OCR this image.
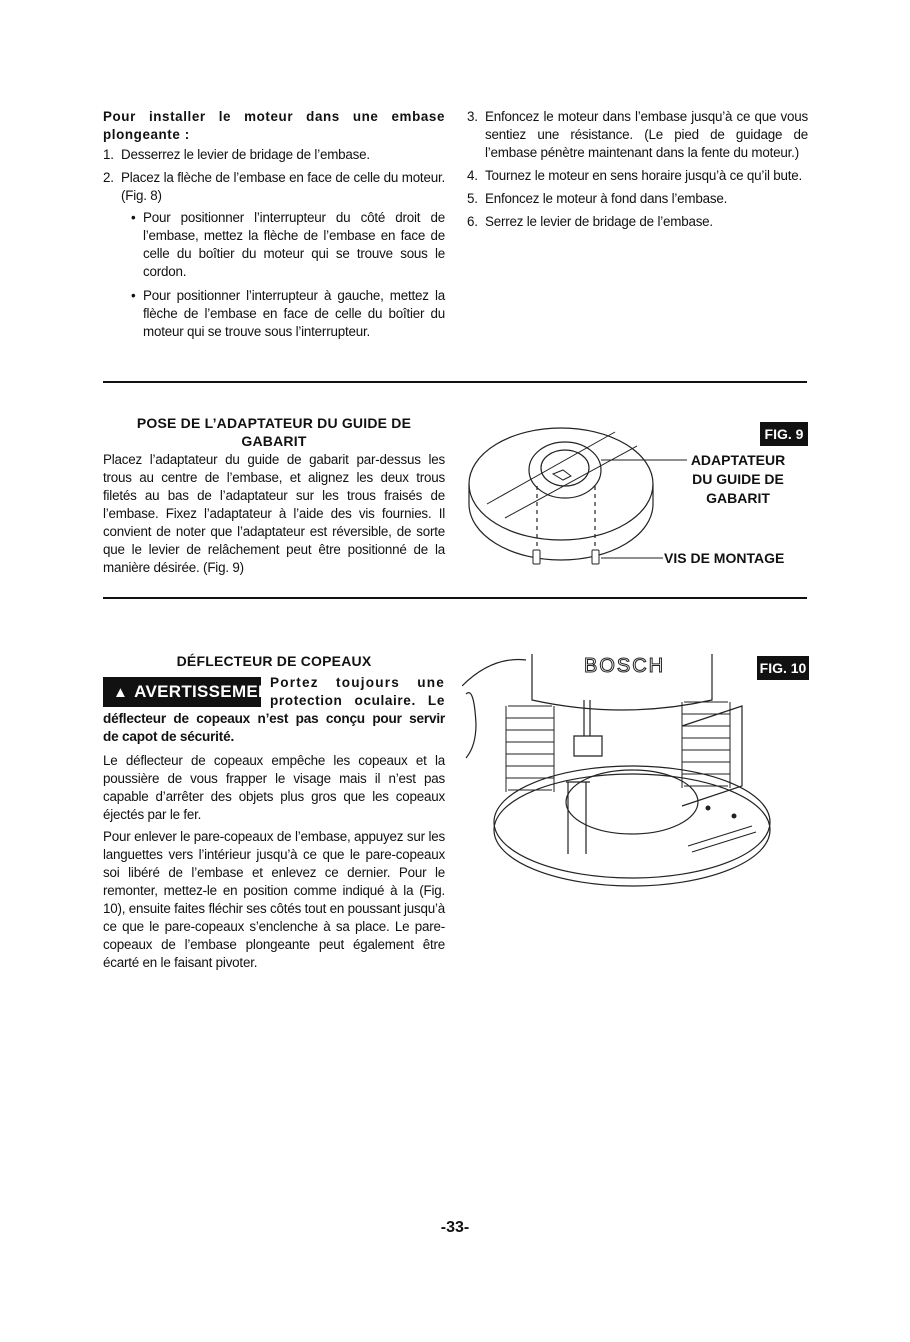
Pour installer le moteur dans une embase plongeante :
1. Desserrez le levier de bridage de l’embase.
2. Placez la flèche de l’embase en face de celle du moteur. (Fig. 8)
• Pour positionner l’interrupteur du côté droit de l’embase, mettez la flèche de l’embase en face de celle du boîtier du moteur qui se trouve sous le cordon.
• Pour positionner l’interrupteur à gauche, mettez la flèche de l’embase en face de celle du boîtier du moteur qui se trouve sous l’interrupteur.
3. Enfoncez le moteur dans l’embase jusqu’à ce que vous sentiez une résistance. (Le pied de guidage de l’embase pénètre maintenant dans la fente du moteur.)
4. Tournez le moteur en sens horaire jusqu’à ce qu’il bute.
5. Enfoncez le moteur à fond dans l’embase.
6. Serrez le levier de bridage de l’embase.
POSE DE L’ADAPTATEUR DU GUIDE DE GABARIT
Placez l’adaptateur du guide de gabarit par-dessus les trous au centre de l’embase, et alignez les deux trous filetés au bas de l’adaptateur sur les trous fraisés de l’embase. Fixez l’adaptateur à l’aide des vis fournies. Il convient de noter que l’adaptateur est réversible, de sorte que le levier de relâchement peut être positionné de la manière désirée. (Fig. 9)
FIG. 9
ADAPTATEUR
DU GUIDE DE
GABARIT
VIS DE MONTAGE
DÉFLECTEUR DE COPEAUX
▲ AVERTISSEMENT
Portez toujours une
protection oculaire. Le
déflecteur de copeaux n’est pas conçu pour servir
de capot de sécurité.
Le déflecteur de copeaux empêche les copeaux et la poussière de vous frapper le visage mais il n’est pas capable d’arrêter des objets plus gros que les copeaux éjectés par le fer.
Pour enlever le pare-copeaux de l’embase, appuyez sur les languettes vers l’intérieur jusqu’à ce que le pare-copeaux soi libéré de l’embase et enlevez ce dernier. Pour le remonter, mettez-le en position comme indiqué à la (Fig. 10), ensuite faites fléchir ses côtés tout en poussant jusqu’à ce que le pare-copeaux s’enclenche à sa place. Le pare-copeaux de l’embase plongeante peut également être écarté en le faisant pivoter.
BOSCH	FIG. 10
-33-
